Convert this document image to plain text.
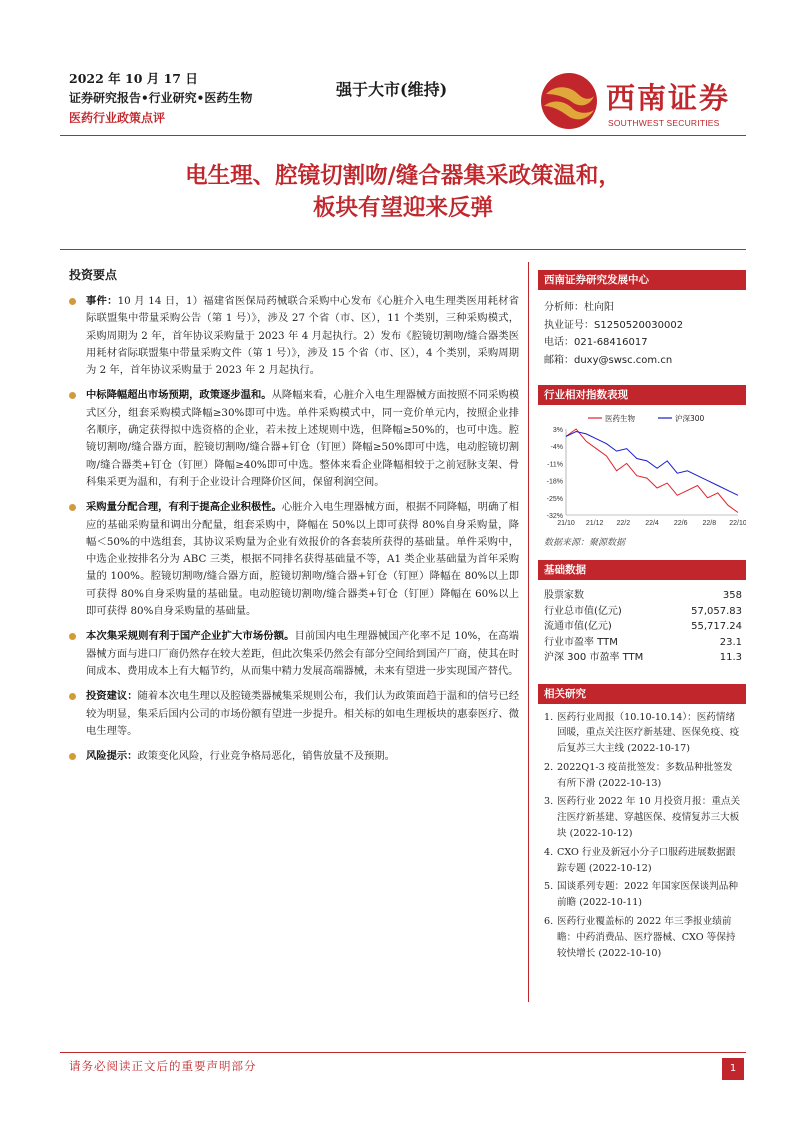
2022 年 10 月 17 日
证券研究报告•行业研究•医药生物
医药行业政策点评
强于大市(维持)	西南证券
SOUTHWEST SECURITIES
电生理、腔镜切割吻/缝合器集采政策温和，
板块有望迎来反弹
投资要点
事件：10 月 14 日，1）福建省医保局药械联合采购中心发布《心脏介入电生理类医用耗材省际联盟集中带量采购公告（第 1 号）》，涉及 27 个省（市、区），11 个类别，三种采购模式，采购周期为 2 年，首年协议采购量于 2023 年 4 月起执行。2）发布《腔镜切割吻/缝合器类医用耗材省际联盟集中带量采购文件（第 1 号）》，涉及 15 个省（市、区），4 个类别，采购周期为 2 年，首年协议采购量于 2023 年 2 月起执行。
中标降幅超出市场预期，政策逐步温和。从降幅来看，心脏介入电生理器械方面按照不同采购模式区分，组套采购模式降幅≥30%即可中选。单件采购模式中，同一竞价单元内，按照企业排名顺序，确定获得拟中选资格的企业，若未按上述规则中选，但降幅≥50%的，也可中选。腔镜切割吻/缝合器方面，腔镜切割吻/缝合器+钉仓（钉匣）降幅≥50%即可中选，电动腔镜切割吻/缝合器类+钉仓（钉匣）降幅≥40%即可中选。整体来看企业降幅相较于之前冠脉支架、骨科集采更为温和，有利于企业设计合理降价区间，保留利润空间。
采购量分配合理，有利于提高企业积极性。心脏介入电生理器械方面，根据不同降幅，明确了相应的基础采购量和调出分配量，组套采购中，降幅在 50%以上即可获得 80%自身采购量，降幅＜50%的中选组套，其协议采购量为企业有效报价的各套装所获得的基础量。单件采购中，中选企业按排名分为 ABC 三类，根据不同排名获得基础量不等，A1 类企业基础量为首年采购量的 100%。腔镜切割吻/缝合器方面，腔镜切割吻/缝合器+钉仓（钉匣）降幅在 80%以上即可获得 80%自身采购量的基础量。电动腔镜切割吻/缝合器类+钉仓（钉匣）降幅在 60%以上即可获得 80%自身采购量的基础量。
本次集采规则有利于国产企业扩大市场份额。目前国内电生理器械国产化率不足 10%，在高端器械方面与进口厂商仍然存在较大差距，但此次集采仍然会有部分空间给到国产厂商，使其在时间成本、费用成本上有大幅节约，从而集中精力发展高端器械，未来有望进一步实现国产替代。
投资建议：随着本次电生理以及腔镜类器械集采规则公布，我们认为政策面趋于温和的信号已经较为明显，集采后国内公司的市场份额有望进一步提升。相关标的如电生理板块的惠泰医疗、微电生理等。
风险提示：政策变化风险，行业竞争格局恶化，销售放量不及预期。
西南证券研究发展中心
分析师：杜向阳
执业证号：S1250520030002
电话：021-68416017
邮箱：duxy@swsc.com.cn
行业相对指数表现
3%
-4%
-11%
-18%
-25%
-32%
21/10 21/12 22/2 22/4 22/6 22/8 22/10
医药生物	沪深300
数据来源：聚源数据
基础数据
股票家数	358
行业总市值(亿元)	57,057.83
流通市值(亿元)	55,717.24
行业市盈率 TTM	23.1
沪深 300 市盈率 TTM	11.3
相关研究
1. 医药行业周报（10.10-10.14）：医药情绪回暖，重点关注医疗新基建、医保免疫、疫后复苏三大主线 (2022-10-17)
2. 2022Q1-3 疫苗批签发：多数品种批签发有所下滑 (2022-10-13)
3. 医药行业 2022 年 10 月投资月报：重点关注医疗新基建、穿越医保、疫情复苏三大板块 (2022-10-12)
4. CXO 行业及新冠小分子口服药进展数据跟踪专题 (2022-10-12)
5. 国谈系列专题：2022 年国家医保谈判品种前瞻 (2022-10-11)
6. 医药行业覆盖标的 2022 年三季报业绩前瞻：中药消费品、医疗器械、CXO 等保持较快增长 (2022-10-10)
请务必阅读正文后的重要声明部分	1
